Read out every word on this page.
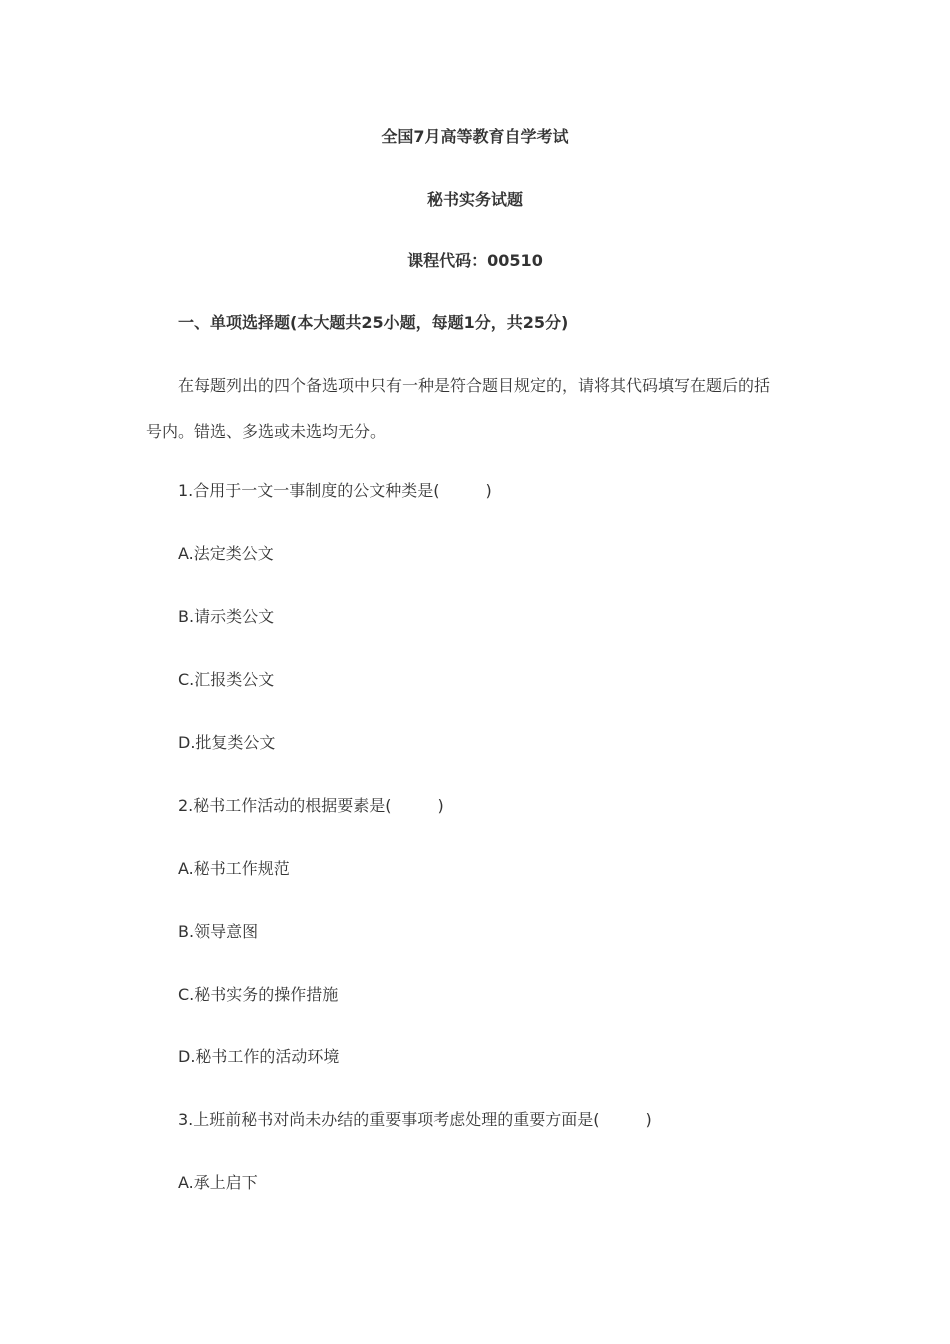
全国7月高等教育自学考试
秘书实务试题
课程代码：00510
一、单项选择题(本大题共25小题，每题1分，共25分)
在每题列出的四个备选项中只有一种是符合题目规定的，请将其代码填写在题后的括
号内。错选、多选或未选均无分。
1.合用于一文一事制度的公文种类是(	)
A.法定类公文
B.请示类公文
C.汇报类公文
D.批复类公文
2.秘书工作活动的根据要素是(	)
A.秘书工作规范
B.领导意图
C.秘书实务的操作措施
D.秘书工作的活动环境
3.上班前秘书对尚未办结的重要事项考虑处理的重要方面是(	)
A.承上启下
